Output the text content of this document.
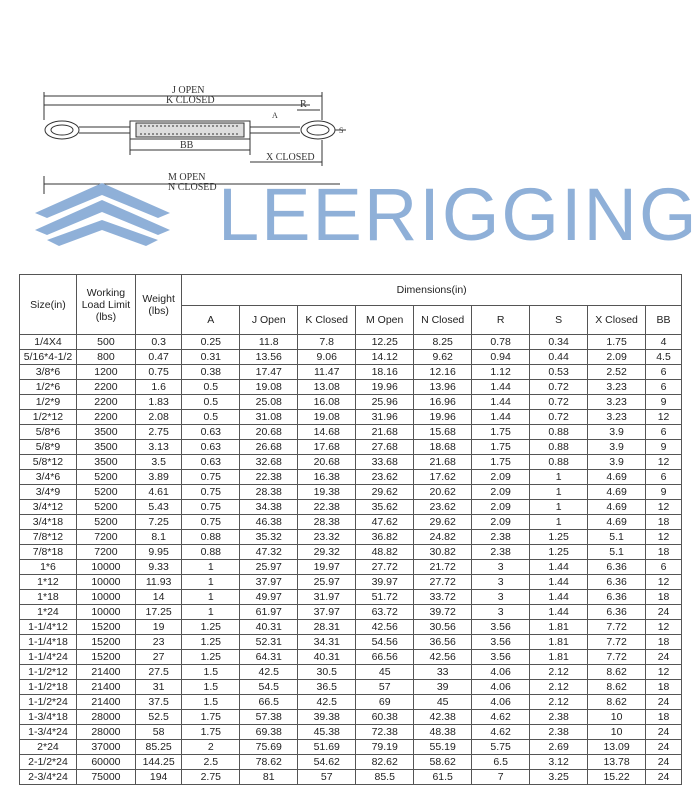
J OPEN
K CLOSED	R
BB
X CLOSED
M OPEN
N CLOSED
A
S
LEERIGGING
Size(in)	Working Load Limit (lbs)	Weight (lbs)	Dimensions(in)								
			A	J Open	K Closed	M Open	N Closed	R	S	X Closed	BB
1/4X4	500	0.3	0.25	11.8	7.8	12.25	8.25	0.78	0.34	1.75	4
5/16*4-1/2	800	0.47	0.31	13.56	9.06	14.12	9.62	0.94	0.44	2.09	4.5
3/8*6	1200	0.75	0.38	17.47	11.47	18.16	12.16	1.12	0.53	2.52	6
1/2*6	2200	1.6	0.5	19.08	13.08	19.96	13.96	1.44	0.72	3.23	6
1/2*9	2200	1.83	0.5	25.08	16.08	25.96	16.96	1.44	0.72	3.23	9
1/2*12	2200	2.08	0.5	31.08	19.08	31.96	19.96	1.44	0.72	3.23	12
5/8*6	3500	2.75	0.63	20.68	14.68	21.68	15.68	1.75	0.88	3.9	6
5/8*9	3500	3.13	0.63	26.68	17.68	27.68	18.68	1.75	0.88	3.9	9
5/8*12	3500	3.5	0.63	32.68	20.68	33.68	21.68	1.75	0.88	3.9	12
3/4*6	5200	3.89	0.75	22.38	16.38	23.62	17.62	2.09	1	4.69	6
3/4*9	5200	4.61	0.75	28.38	19.38	29.62	20.62	2.09	1	4.69	9
3/4*12	5200	5.43	0.75	34.38	22.38	35.62	23.62	2.09	1	4.69	12
3/4*18	5200	7.25	0.75	46.38	28.38	47.62	29.62	2.09	1	4.69	18
7/8*12	7200	8.1	0.88	35.32	23.32	36.82	24.82	2.38	1.25	5.1	12
7/8*18	7200	9.95	0.88	47.32	29.32	48.82	30.82	2.38	1.25	5.1	18
1*6	10000	9.33	1	25.97	19.97	27.72	21.72	3	1.44	6.36	6
1*12	10000	11.93	1	37.97	25.97	39.97	27.72	3	1.44	6.36	12
1*18	10000	14	1	49.97	31.97	51.72	33.72	3	1.44	6.36	18
1*24	10000	17.25	1	61.97	37.97	63.72	39.72	3	1.44	6.36	24
1-1/4*12	15200	19	1.25	40.31	28.31	42.56	30.56	3.56	1.81	7.72	12
1-1/4*18	15200	23	1.25	52.31	34.31	54.56	36.56	3.56	1.81	7.72	18
1-1/4*24	15200	27	1.25	64.31	40.31	66.56	42.56	3.56	1.81	7.72	24
1-1/2*12	21400	27.5	1.5	42.5	30.5	45	33	4.06	2.12	8.62	12
1-1/2*18	21400	31	1.5	54.5	36.5	57	39	4.06	2.12	8.62	18
1-1/2*24	21400	37.5	1.5	66.5	42.5	69	45	4.06	2.12	8.62	24
1-3/4*18	28000	52.5	1.75	57.38	39.38	60.38	42.38	4.62	2.38	10	18
1-3/4*24	28000	58	1.75	69.38	45.38	72.38	48.38	4.62	2.38	10	24
2*24	37000	85.25	2	75.69	51.69	79.19	55.19	5.75	2.69	13.09	24
2-1/2*24	60000	144.25	2.5	78.62	54.62	82.62	58.62	6.5	3.12	13.78	24
2-3/4*24	75000	194	2.75	81	57	85.5	61.5	7	3.25	15.22	24
